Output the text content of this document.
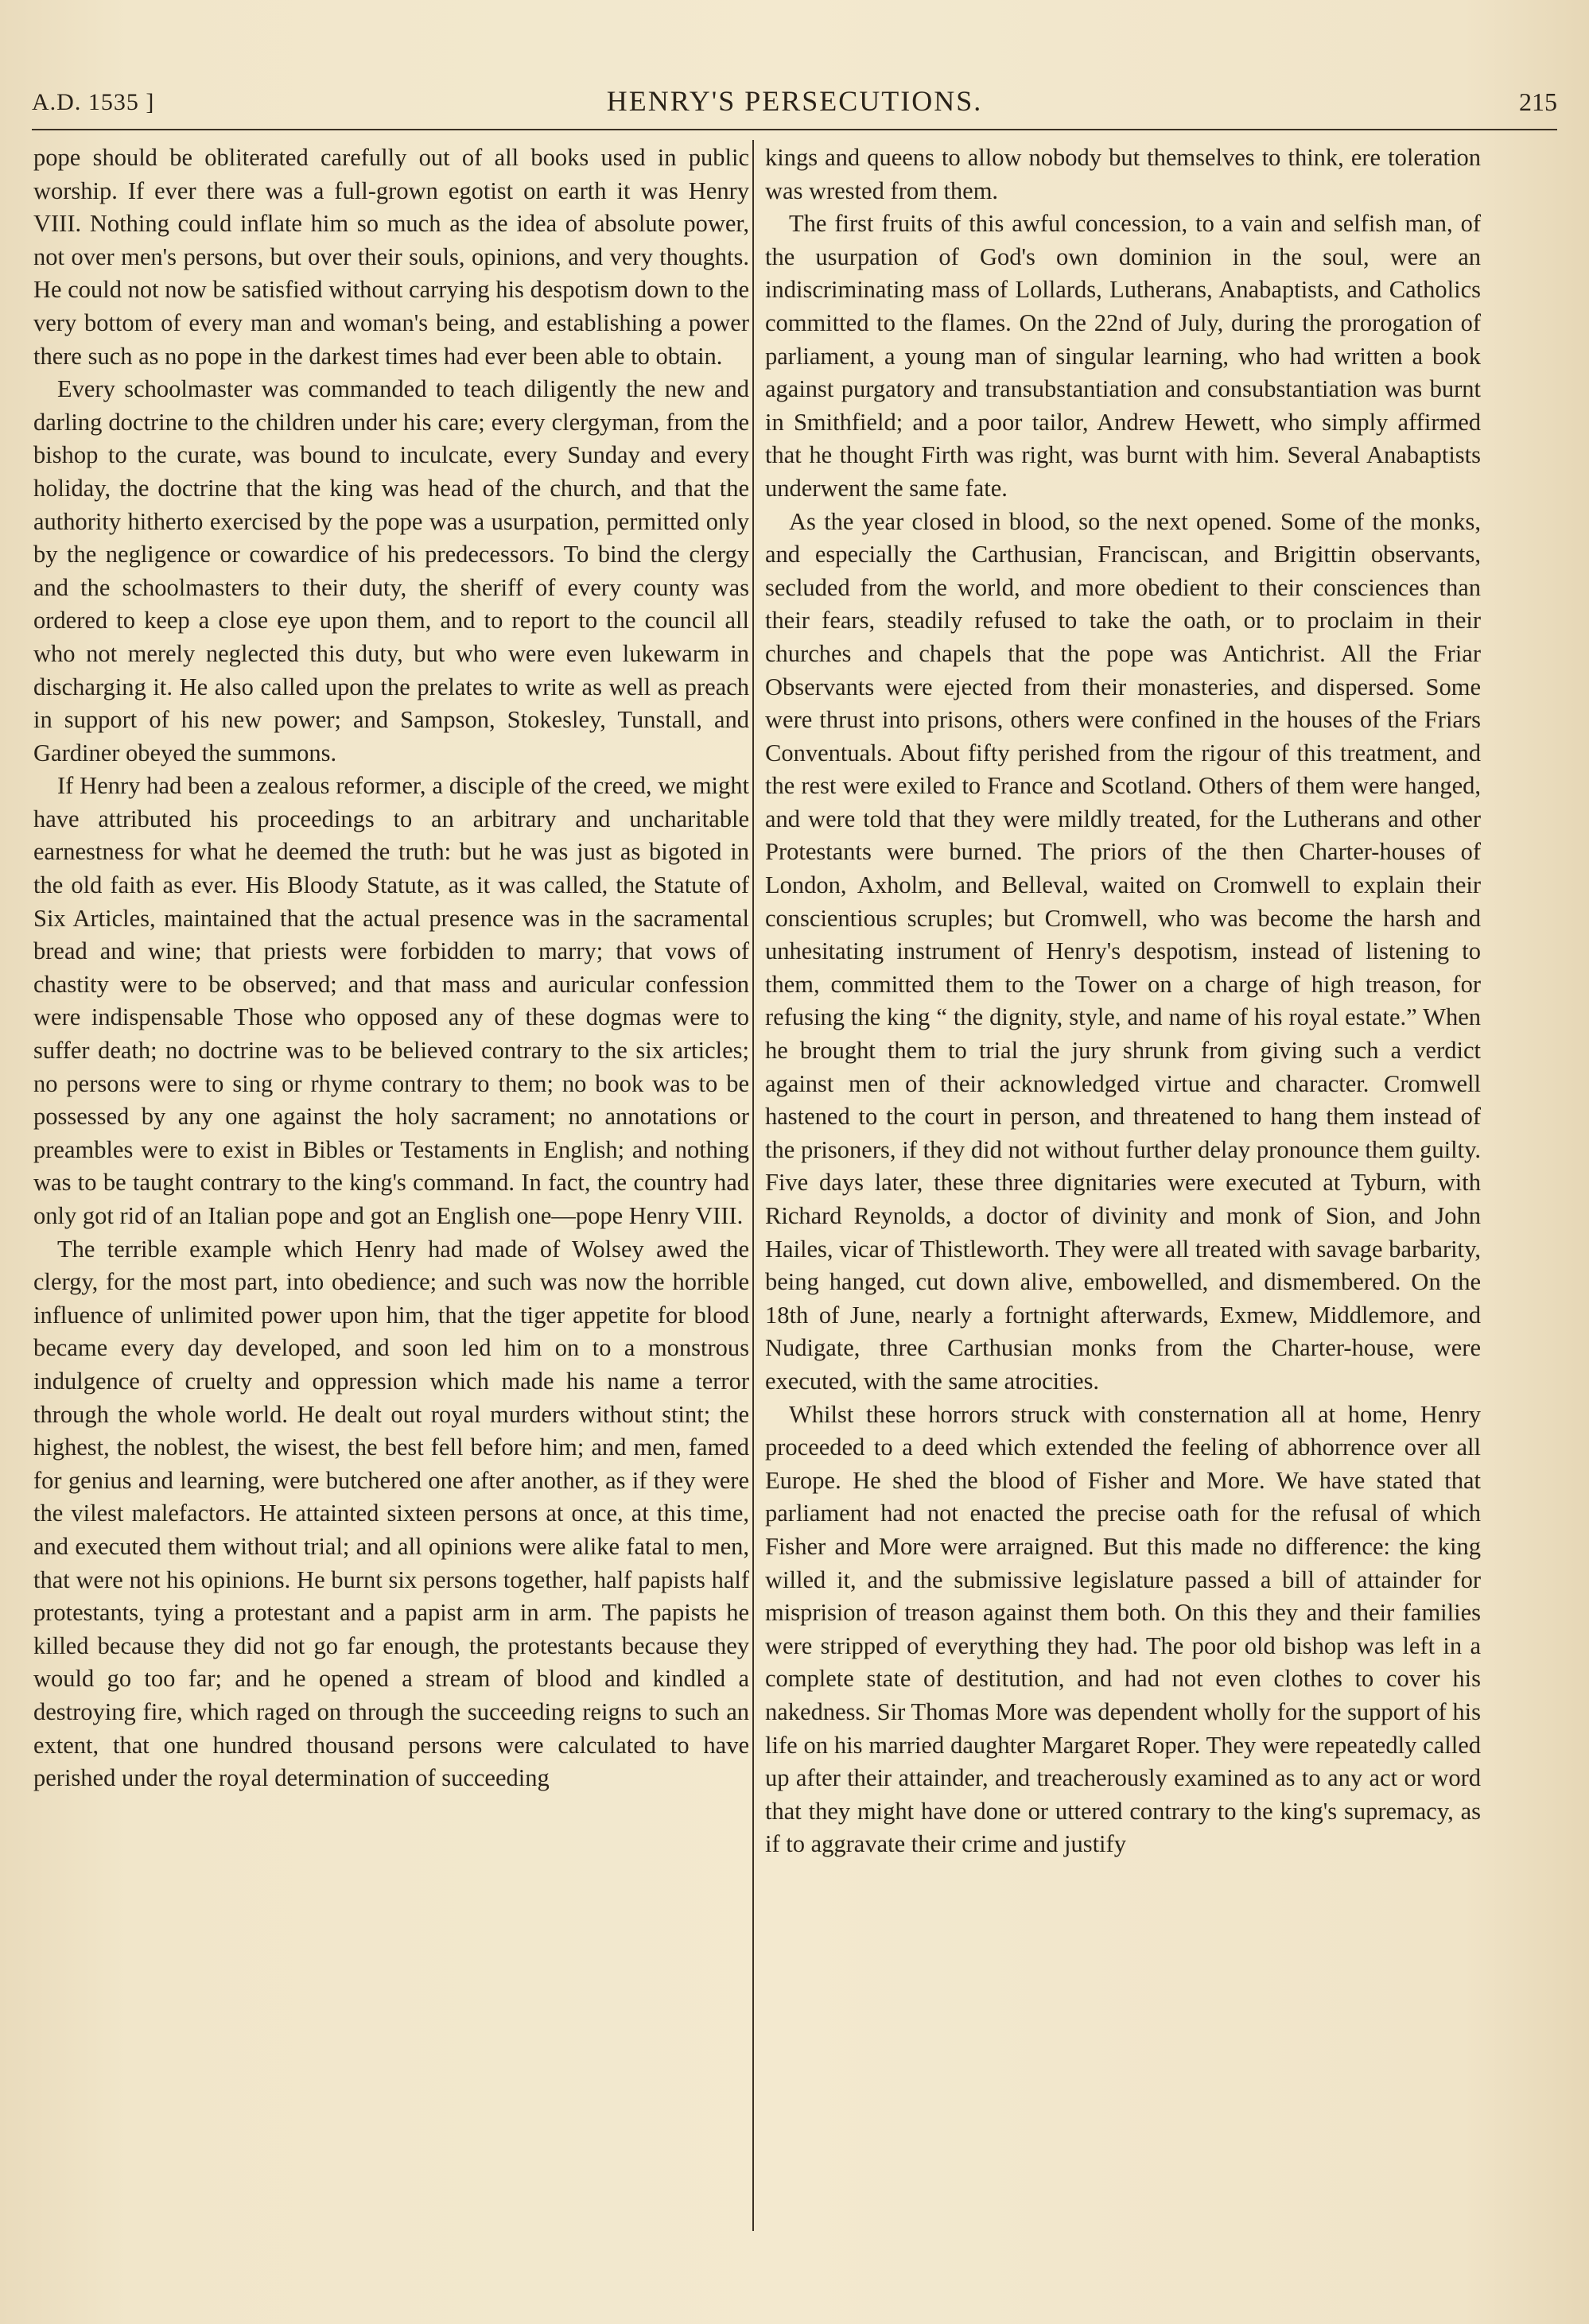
A.D. 1535 ]	HENRY'S PERSECUTIONS.	215

pope should be obliterated carefully out of all books used in public worship. If ever there was a full-grown egotist on earth it was Henry VIII. Nothing could inflate him so much as the idea of absolute power, not over men's persons, but over their souls, opinions, and very thoughts. He could not now be satisfied without carrying his despotism down to the very bottom of every man and woman's being, and establishing a power there such as no pope in the darkest times had ever been able to obtain.

Every schoolmaster was commanded to teach diligently the new and darling doctrine to the children under his care; every clergyman, from the bishop to the curate, was bound to inculcate, every Sunday and every holiday, the doctrine that the king was head of the church, and that the authority hitherto exercised by the pope was a usurpation, permitted only by the negligence or cowardice of his predecessors. To bind the clergy and the schoolmasters to their duty, the sheriff of every county was ordered to keep a close eye upon them, and to report to the council all who not merely neglected this duty, but who were even lukewarm in discharging it. He also called upon the prelates to write as well as preach in support of his new power; and Sampson, Stokesley, Tunstall, and Gardiner obeyed the summons.

If Henry had been a zealous reformer, a disciple of the creed, we might have attributed his proceedings to an arbitrary and uncharitable earnestness for what he deemed the truth: but he was just as bigoted in the old faith as ever. His Bloody Statute, as it was called, the Statute of Six Articles, maintained that the actual presence was in the sacramental bread and wine; that priests were forbidden to marry; that vows of chastity were to be observed; and that mass and auricular confession were indispensable Those who opposed any of these dogmas were to suffer death; no doctrine was to be believed contrary to the six articles; no persons were to sing or rhyme contrary to them; no book was to be possessed by any one against the holy sacrament; no annotations or preambles were to exist in Bibles or Testaments in English; and nothing was to be taught contrary to the king's command. In fact, the country had only got rid of an Italian pope and got an English one—pope Henry VIII.

The terrible example which Henry had made of Wolsey awed the clergy, for the most part, into obedience; and such was now the horrible influence of unlimited power upon him, that the tiger appetite for blood became every day developed, and soon led him on to a monstrous indulgence of cruelty and oppression which made his name a terror through the whole world. He dealt out royal murders without stint; the highest, the noblest, the wisest, the best fell before him; and men, famed for genius and learning, were butchered one after another, as if they were the vilest malefactors. He attainted sixteen persons at once, at this time, and executed them without trial; and all opinions were alike fatal to men, that were not his opinions. He burnt six persons together, half papists half protestants, tying a protestant and a papist arm in arm. The papists he killed because they did not go far enough, the protestants because they would go too far; and he opened a stream of blood and kindled a destroying fire, which raged on through the succeeding reigns to such an extent, that one hundred thousand persons were calculated to have perished under the royal determination of succeeding

kings and queens to allow nobody but themselves to think, ere toleration was wrested from them.

The first fruits of this awful concession, to a vain and selfish man, of the usurpation of God's own dominion in the soul, were an indiscriminating mass of Lollards, Lutherans, Anabaptists, and Catholics committed to the flames. On the 22nd of July, during the prorogation of parliament, a young man of singular learning, who had written a book against purgatory and transubstantiation and consubstantiation was burnt in Smithfield; and a poor tailor, Andrew Hewett, who simply affirmed that he thought Firth was right, was burnt with him. Several Anabaptists underwent the same fate.

As the year closed in blood, so the next opened. Some of the monks, and especially the Carthusian, Franciscan, and Brigittin observants, secluded from the world, and more obedient to their consciences than their fears, steadily refused to take the oath, or to proclaim in their churches and chapels that the pope was Antichrist. All the Friar Observants were ejected from their monasteries, and dispersed. Some were thrust into prisons, others were confined in the houses of the Friars Conventuals. About fifty perished from the rigour of this treatment, and the rest were exiled to France and Scotland. Others of them were hanged, and were told that they were mildly treated, for the Lutherans and other Protestants were burned. The priors of the then Charter-houses of London, Axholm, and Belleval, waited on Cromwell to explain their conscientious scruples; but Cromwell, who was become the harsh and unhesitating instrument of Henry's despotism, instead of listening to them, committed them to the Tower on a charge of high treason, for refusing the king “ the dignity, style, and name of his royal estate.” When he brought them to trial the jury shrunk from giving such a verdict against men of their acknowledged virtue and character. Cromwell hastened to the court in person, and threatened to hang them instead of the prisoners, if they did not without further delay pronounce them guilty. Five days later, these three dignitaries were executed at Tyburn, with Richard Reynolds, a doctor of divinity and monk of Sion, and John Hailes, vicar of Thistleworth. They were all treated with savage barbarity, being hanged, cut down alive, embowelled, and dismembered. On the 18th of June, nearly a fortnight afterwards, Exmew, Middlemore, and Nudigate, three Carthusian monks from the Charter-house, were executed, with the same atrocities.

Whilst these horrors struck with consternation all at home, Henry proceeded to a deed which extended the feeling of abhorrence over all Europe. He shed the blood of Fisher and More. We have stated that parliament had not enacted the precise oath for the refusal of which Fisher and More were arraigned. But this made no difference: the king willed it, and the submissive legislature passed a bill of attainder for misprision of treason against them both. On this they and their families were stripped of everything they had. The poor old bishop was left in a complete state of destitution, and had not even clothes to cover his nakedness. Sir Thomas More was dependent wholly for the support of his life on his married daughter Margaret Roper. They were repeatedly called up after their attainder, and treacherously examined as to any act or word that they might have done or uttered contrary to the king's supremacy, as if to aggravate their crime and justify
